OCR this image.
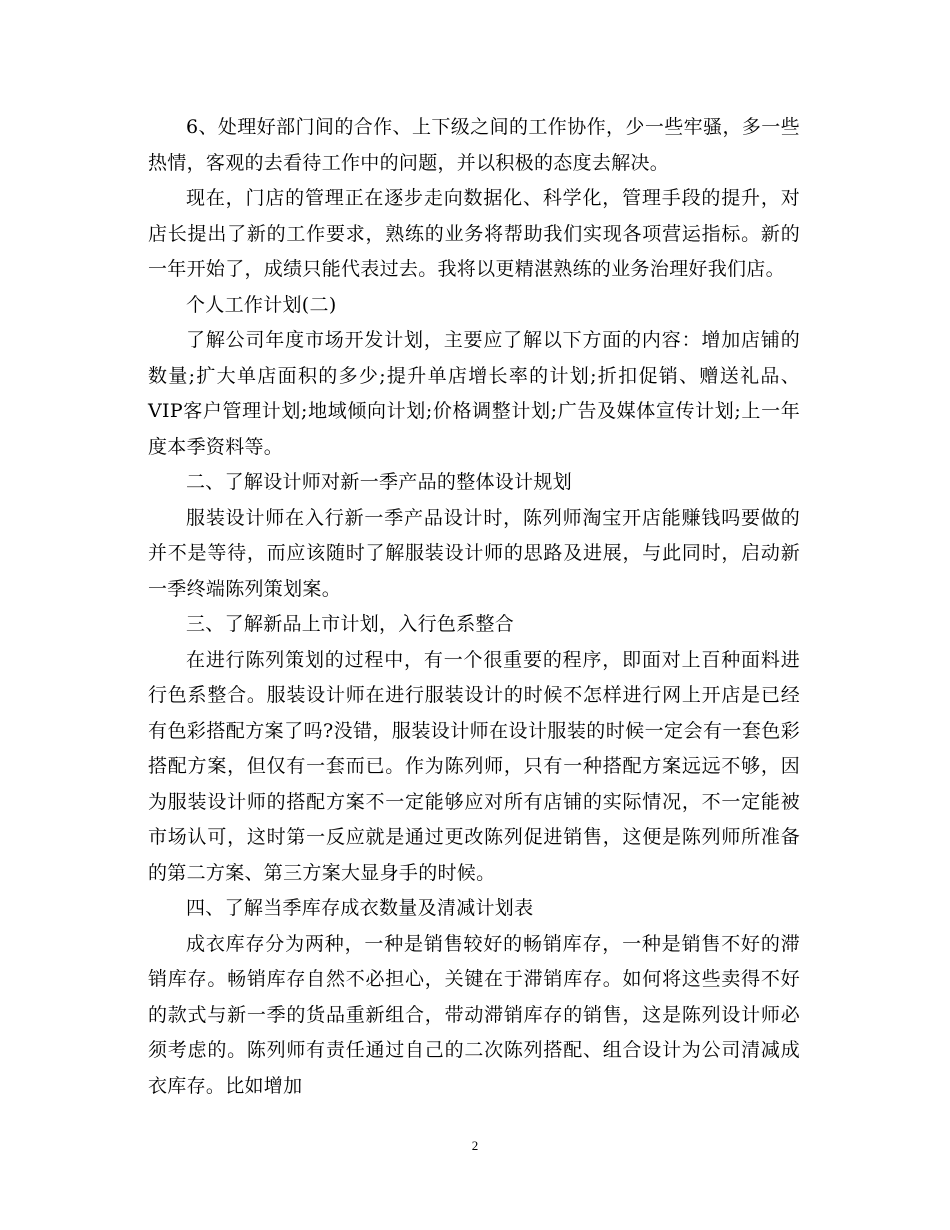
6、处理好部门间的合作、上下级之间的工作协作，少一些牢骚，多一些热情，客观的去看待工作中的问题，并以积极的态度去解决。

现在，门店的管理正在逐步走向数据化、科学化，管理手段的提升，对店长提出了新的工作要求，熟练的业务将帮助我们实现各项营运指标。新的一年开始了，成绩只能代表过去。我将以更精湛熟练的业务治理好我们店。

个人工作计划(二)

了解公司年度市场开发计划，主要应了解以下方面的内容：增加店铺的数量;扩大单店面积的多少;提升单店增长率的计划;折扣促销、赠送礼品、VIP客户管理计划;地域倾向计划;价格调整计划;广告及媒体宣传计划;上一年度本季资料等。

二、了解设计师对新一季产品的整体设计规划

服装设计师在入行新一季产品设计时，陈列师淘宝开店能赚钱吗要做的并不是等待，而应该随时了解服装设计师的思路及进展，与此同时，启动新一季终端陈列策划案。

三、了解新品上市计划，入行色系整合

在进行陈列策划的过程中，有一个很重要的程序，即面对上百种面料进行色系整合。服装设计师在进行服装设计的时候不怎样进行网上开店是已经有色彩搭配方案了吗?没错，服装设计师在设计服装的时候一定会有一套色彩搭配方案，但仅有一套而已。作为陈列师，只有一种搭配方案远远不够，因为服装设计师的搭配方案不一定能够应对所有店铺的实际情况，不一定能被市场认可，这时第一反应就是通过更改陈列促进销售，这便是陈列师所准备的第二方案、第三方案大显身手的时候。

四、了解当季库存成衣数量及清减计划表

成衣库存分为两种，一种是销售较好的畅销库存，一种是销售不好的滞销库存。畅销库存自然不必担心，关键在于滞销库存。如何将这些卖得不好的款式与新一季的货品重新组合，带动滞销库存的销售，这是陈列设计师必须考虑的。陈列师有责任通过自己的二次陈列搭配、组合设计为公司清减成衣库存。比如增加

2
